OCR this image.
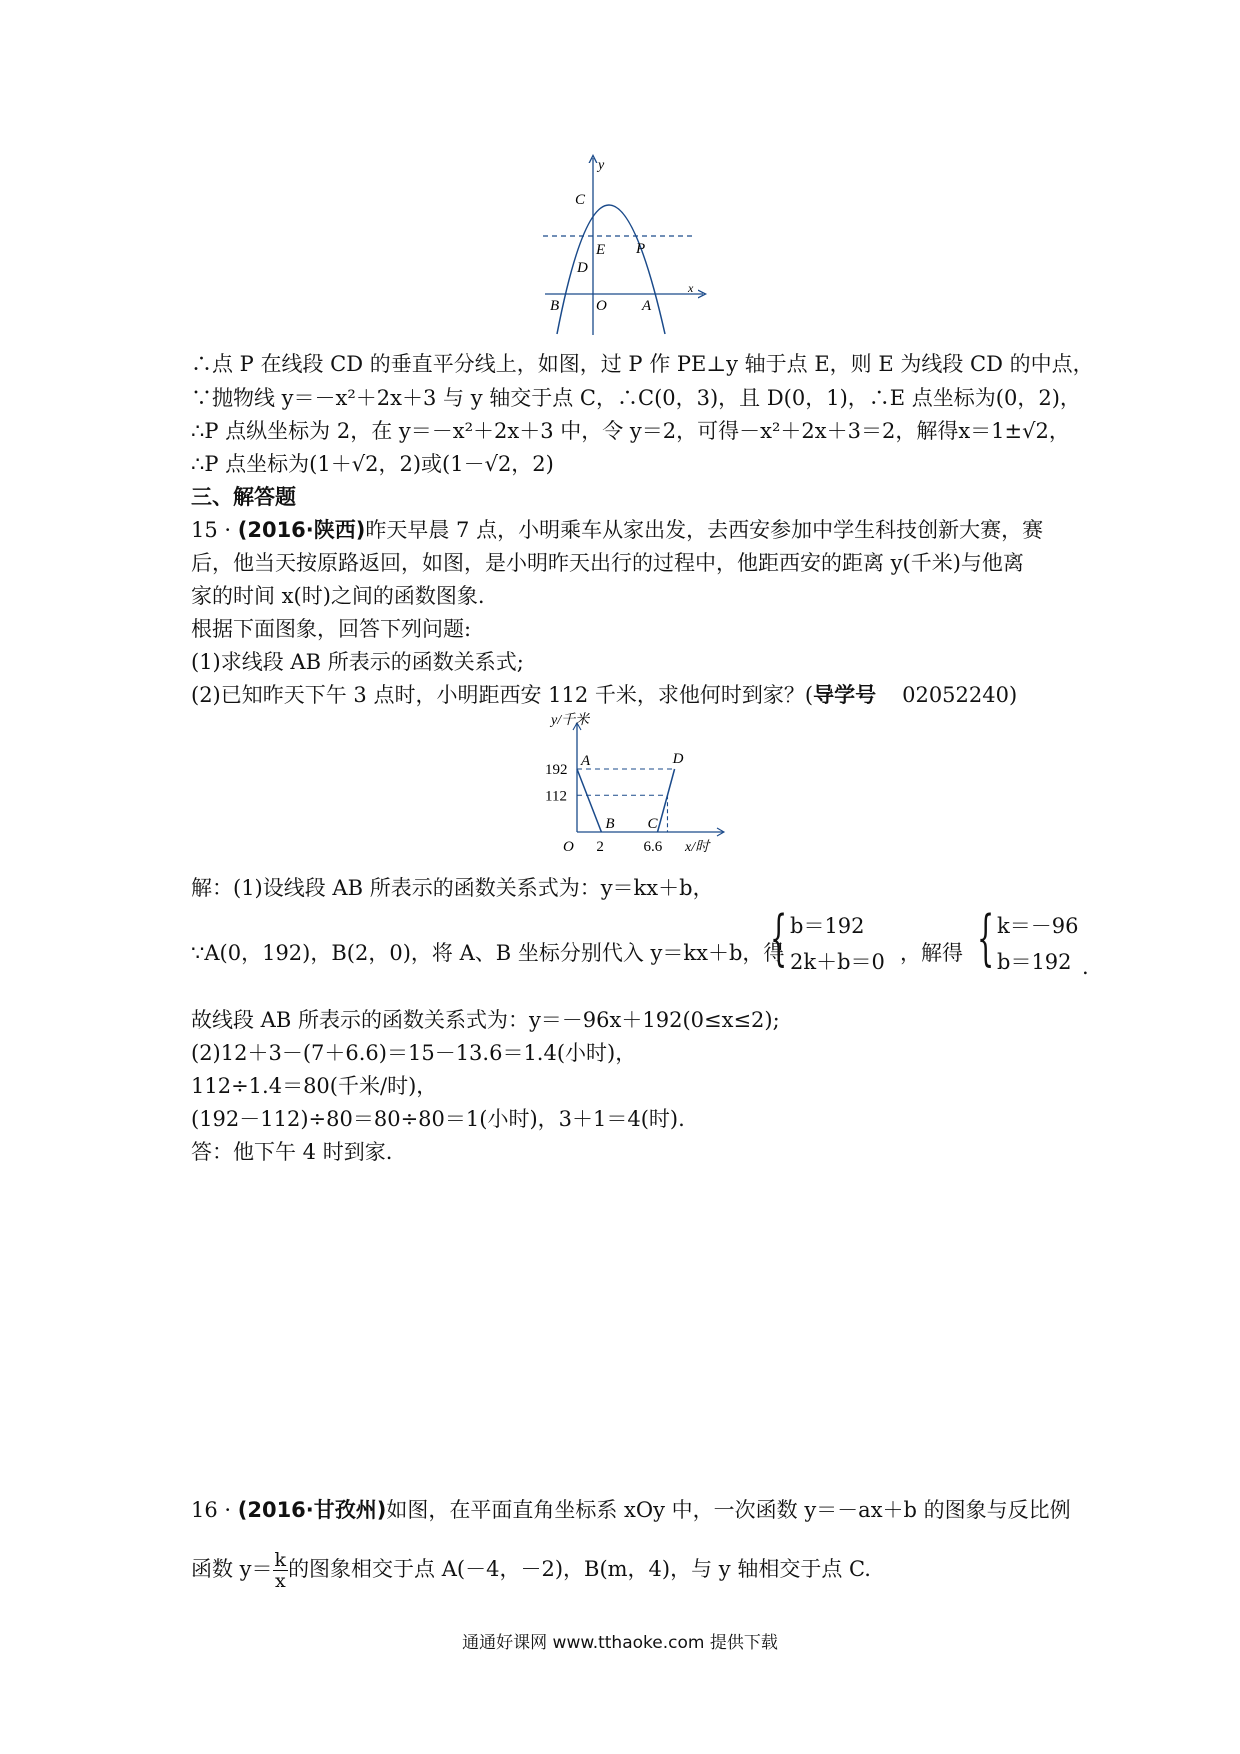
y
x
C
E P
D
B O A
∴点 P 在线段 CD 的垂直平分线上，如图，过 P 作 PE⊥y 轴于点 E，则 E 为线段 CD 的中点，
∵抛物线 y＝－x²＋2x＋3 与 y 轴交于点 C，∴C(0，3)，且 D(0，1)，∴E 点坐标为(0，2)，
∴P 点纵坐标为 2，在 y＝－x²＋2x＋3 中，令 y＝2，可得－x²＋2x＋3＝2，解得x＝1±√2，
∴P 点坐标为(1＋√2，2)或(1－√2，2)
三、解答题
15 · (2016·陕西)昨天早晨 7 点，小明乘车从家出发，去西安参加中学生科技创新大赛，赛
后，他当天按原路返回，如图，是小明昨天出行的过程中，他距西安的距离 y(千米)与他离
家的时间 x(时)之间的函数图象.
根据下面图象，回答下列问题:
(1)求线段 AB 所表示的函数关系式;
(2)已知昨天下午 3 点时，小明距西安 112 千米，求他何时到家？(导学号 02052240)
192
112
2	6.6
O
A
B C
D
y/千米
x/时
解：(1)设线段 AB 所表示的函数关系式为：y＝kx＋b，
∵A(0，192)，B(2，0)，将 A、B 坐标分别代入 y＝kx＋b，得
{ b＝192
2k＋b＝0 ，解得 { k＝－96
b＝192 .
故线段 AB 所表示的函数关系式为：y＝－96x＋192(0≤x≤2);
(2)12＋3－(7＋6.6)＝15－13.6＝1.4(小时)，
112÷1.4＝80(千米/时)，
(192－112)÷80＝80÷80＝1(小时)，3＋1＝4(时).
答：他下午 4 时到家.
16 · (2016·甘孜州)如图，在平面直角坐标系 xOy 中，一次函数 y＝－ax＋b 的图象与反比例
函数 $y= \frac{k}{x}$ 的图象相交于点 A(－4，－2)，B(m，4)，与 y 轴相交于点 C.
通通好课网 www.tthaoke.com 提供下载
